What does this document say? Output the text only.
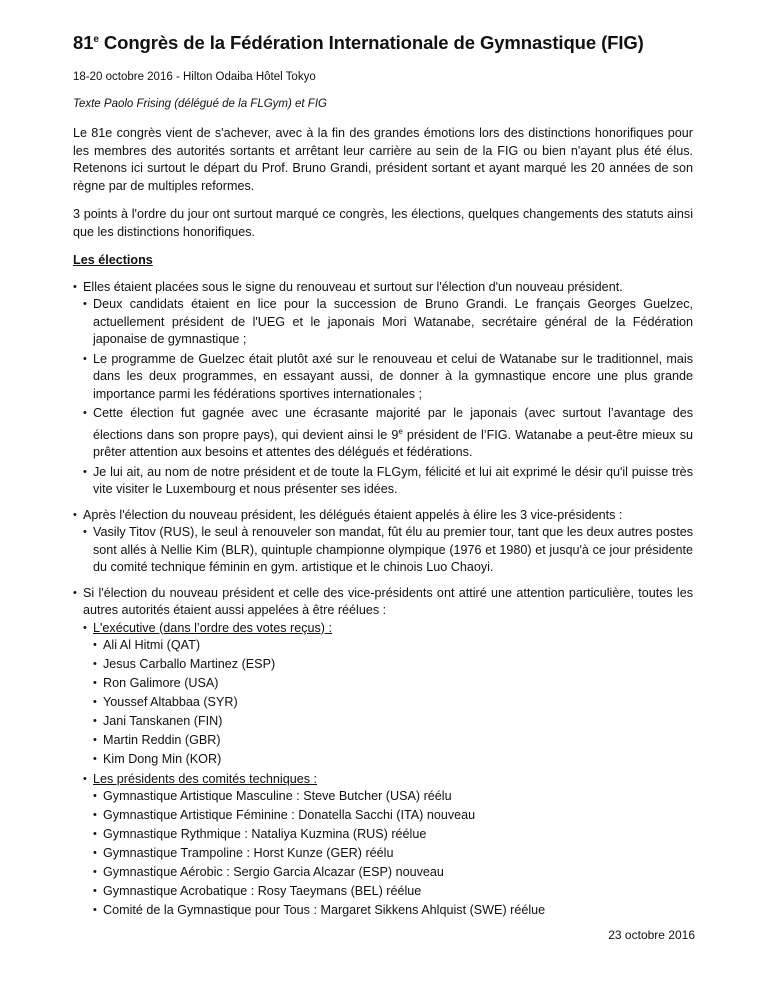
81e Congrès de la Fédération Internationale de Gymnastique (FIG)
18-20 octobre 2016 - Hilton Odaiba Hôtel Tokyo
Texte Paolo Frising (délégué de la FLGym) et FIG

Le 81e congrès vient de s'achever, avec à la fin des grandes émotions lors des distinctions honorifiques pour les membres des autorités sortants et arrêtant leur carrière au sein de la FIG ou bien n'ayant plus été élus. Retenons ici surtout le départ du Prof. Bruno Grandi, président sortant et ayant marqué les 20 années de son règne par de multiples reformes.

3 points à l'ordre du jour ont surtout marqué ce congrès, les élections, quelques changements des statuts ainsi que les distinctions honorifiques.

Les élections
• Elles étaient placées sous le signe du renouveau et surtout sur l'élection d'un nouveau président.
• Deux candidats étaient en lice pour la succession de Bruno Grandi. Le français Georges Guelzec, actuellement président de l'UEG et le japonais Mori Watanabe, secrétaire général de la Fédération japonaise de gymnastique ;
• Le programme de Guelzec était plutôt axé sur le renouveau et celui de Watanabe sur le traditionnel, mais dans les deux programmes, en essayant aussi, de donner à la gymnastique encore une plus grande importance parmi les fédérations sportives internationales ;
• Cette élection fut gagnée avec une écrasante majorité par le japonais (avec surtout l’avantage des élections dans son propre pays), qui devient ainsi le 9e président de l’FIG. Watanabe a peut-être mieux su prêter attention aux besoins et attentes des délégués et fédérations.
• Je lui ait, au nom de notre président et de toute la FLGym, félicité et lui ait exprimé le désir qu'il puisse très vite visiter le Luxembourg et nous présenter ses idées.
• Après l'élection du nouveau président, les délégués étaient appelés à élire les 3 vice-présidents :
• Vasily Titov (RUS), le seul à renouveler son mandat, fût élu au premier tour, tant que les deux autres postes sont allés à Nellie Kim (BLR), quintuple championne olympique (1976 et 1980) et jusqu'à ce jour présidente du comité technique féminin en gym. artistique et le chinois Luo Chaoyi.
• Si l'élection du nouveau président et celle des vice-présidents ont attiré une attention particulière, toutes les autres autorités étaient aussi appelées à être réélues :
• L'exécutive (dans l’ordre des votes reçus) :
• Ali Al Hitmi (QAT)
• Jesus Carballo Martinez (ESP)
• Ron Galimore (USA)
• Youssef Altabbaa (SYR)
• Jani Tanskanen (FIN)
• Martin Reddin (GBR)
• Kim Dong Min (KOR)
• Les présidents des comités techniques :
• Gymnastique Artistique Masculine : Steve Butcher (USA) réélu
• Gymnastique Artistique Féminine : Donatella Sacchi (ITA) nouveau
• Gymnastique Rythmique : Nataliya Kuzmina (RUS) réélue
• Gymnastique Trampoline : Horst Kunze (GER) réélu
• Gymnastique Aérobic : Sergio Garcia Alcazar (ESP) nouveau
• Gymnastique Acrobatique : Rosy Taeymans (BEL) réélue
• Comité de la Gymnastique pour Tous : Margaret Sikkens Ahlquist (SWE) réélue
23 octobre 2016
